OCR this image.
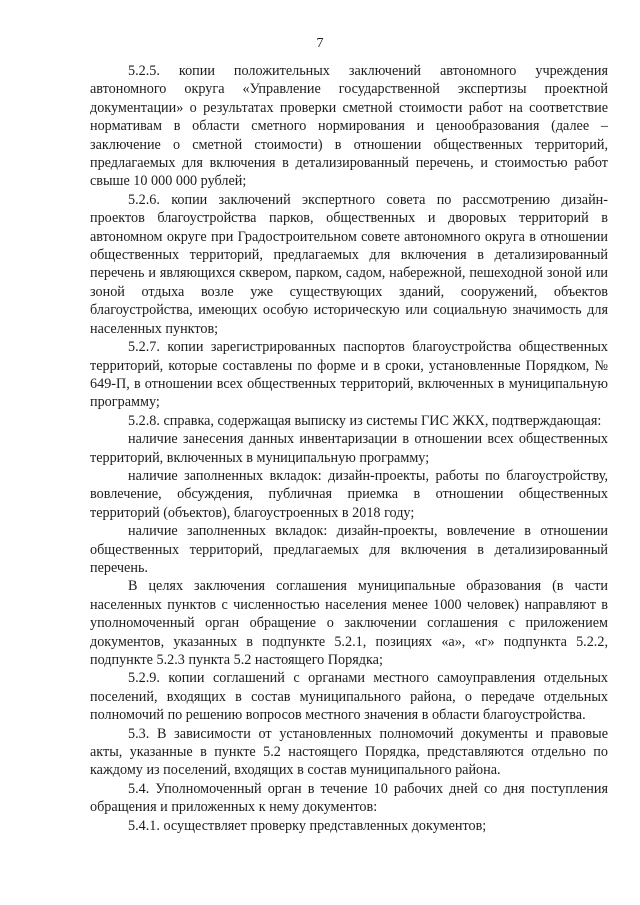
7

5.2.5. копии положительных заключений автономного учреждения автономного округа «Управление государственной экспертизы проектной документации» о результатах проверки сметной стоимости работ на соответствие нормативам в области сметного нормирования и ценообразования (далее – заключение о сметной стоимости) в отношении общественных территорий, предлагаемых для включения в детализированный перечень, и стоимостью работ свыше 10 000 000 рублей;

5.2.6. копии заключений экспертного совета по рассмотрению дизайн-проектов благоустройства парков, общественных и дворовых территорий в автономном округе при Градостроительном совете автономного округа в отношении общественных территорий, предлагаемых для включения в детализированный перечень и являющихся сквером, парком, садом, набережной, пешеходной зоной или зоной отдыха возле уже существующих зданий, сооружений, объектов благоустройства, имеющих особую историческую или социальную значимость для населенных пунктов;

5.2.7. копии зарегистрированных паспортов благоустройства общественных территорий, которые составлены по форме и в сроки, установленные Порядком, № 649-П, в отношении всех общественных территорий, включенных в муниципальную программу;

5.2.8. справка, содержащая выписку из системы ГИС ЖКХ, подтверждающая:

наличие занесения данных инвентаризации в отношении всех общественных территорий, включенных в муниципальную программу;

наличие заполненных вкладок: дизайн-проекты, работы по благоустройству, вовлечение, обсуждения, публичная приемка в отношении общественных территорий (объектов), благоустроенных в 2018 году;

наличие заполненных вкладок: дизайн-проекты, вовлечение в отношении общественных территорий, предлагаемых для включения в детализированный перечень.

В целях заключения соглашения муниципальные образования (в части населенных пунктов с численностью населения менее 1000 человек) направляют в уполномоченный орган обращение о заключении соглашения с приложением документов, указанных в подпункте 5.2.1, позициях «а», «г» подпункта 5.2.2, подпункте 5.2.3 пункта 5.2 настоящего Порядка;

5.2.9. копии соглашений с органами местного самоуправления отдельных поселений, входящих в состав муниципального района, о передаче отдельных полномочий по решению вопросов местного значения в области благоустройства.

5.3. В зависимости от установленных полномочий документы и правовые акты, указанные в пункте 5.2 настоящего Порядка, представляются отдельно по каждому из поселений, входящих в состав муниципального района.

5.4. Уполномоченный орган в течение 10 рабочих дней со дня поступления обращения и приложенных к нему документов:

5.4.1. осуществляет проверку представленных документов;
